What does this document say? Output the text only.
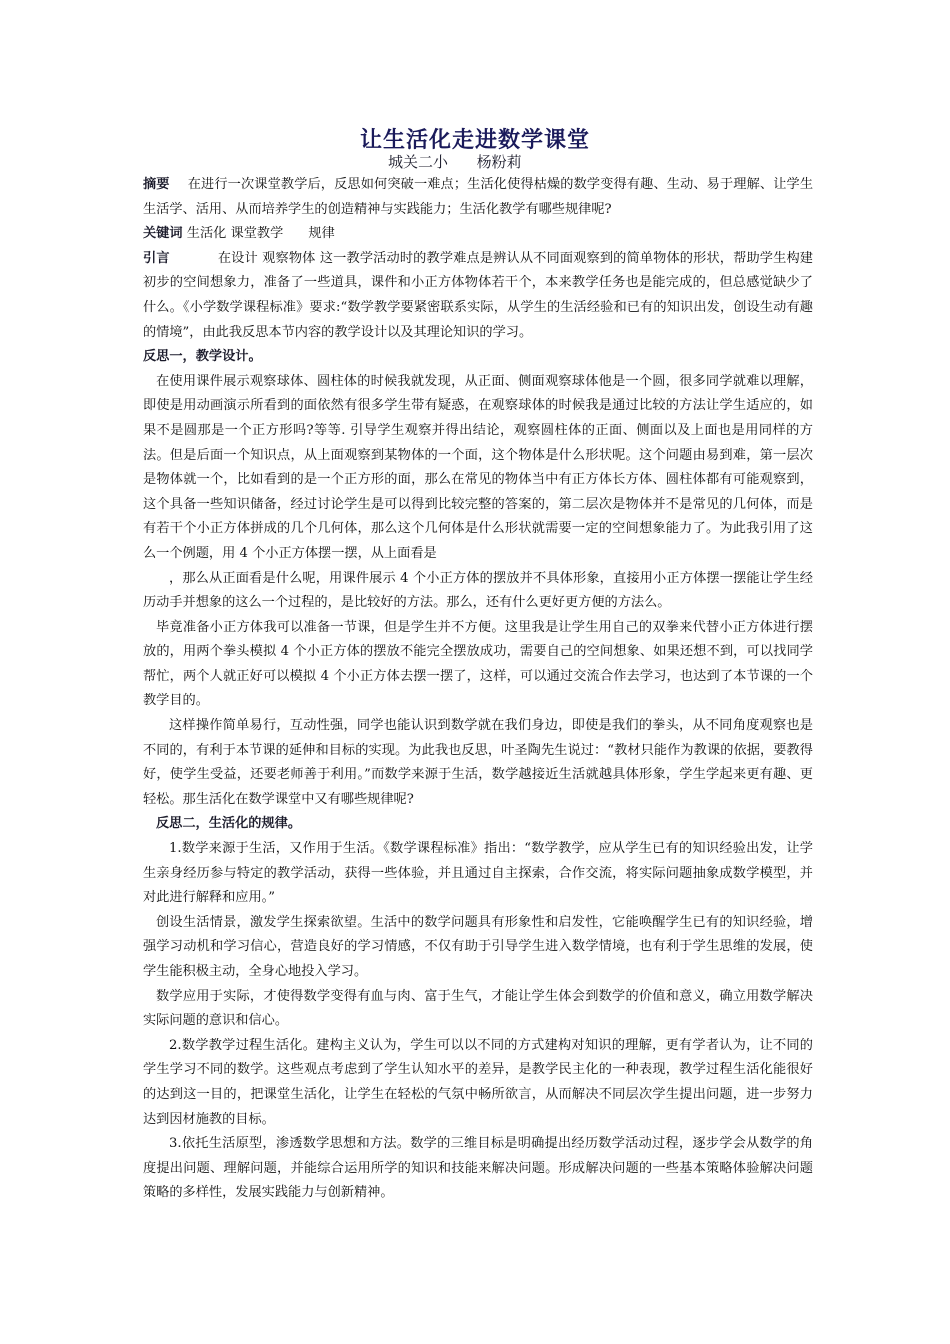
让生活化走进数学课堂
城关二小      杨粉莉

摘要 在进行一次课堂教学后，反思如何突破一难点；生活化使得枯燥的数学变得有趣、生动、易于理解、让学生生活学、活用、从而培养学生的创造精神与实践能力；生活化教学有哪些规律呢?

关键词 生活化 课堂教学      规律

引言	在设计 观察物体 这一教学活动时的教学难点是辨认从不同面观察到的简单物体的形状，帮助学生构建初步的空间想象力，准备了一些道具，课件和小正方体物体若干个，本来教学任务也是能完成的，但总感觉缺少了什么。《小学数学课程标准》要求:“数学教学要紧密联系实际，从学生的生活经验和已有的知识出发，创设生动有趣的情境”，由此我反思本节内容的教学设计以及其理论知识的学习。

反思一，教学设计。

在使用课件展示观察球体、圆柱体的时候我就发现，从正面、侧面观察球体他是一个圆，很多同学就难以理解，即使是用动画演示所看到的面依然有很多学生带有疑惑，在观察球体的时候我是通过比较的方法让学生适应的，如果不是圆那是一个正方形吗?等等. 引导学生观察并得出结论，观察圆柱体的正面、侧面以及上面也是用同样的方法。但是后面一个知识点，从上面观察到某物体的一个面，这个物体是什么形状呢。这个问题由易到难，第一层次是物体就一个，比如看到的是一个正方形的面，那么在常见的物体当中有正方体长方体、圆柱体都有可能观察到，这个具备一些知识储备，经过讨论学生是可以得到比较完整的答案的，第二层次是物体并不是常见的几何体，而是有若干个小正方体拼成的几个几何体，那么这个几何体是什么形状就需要一定的空间想象能力了。为此我引用了这么一个例题，用 4 个小正方体摆一摆，从上面看是

，那么从正面看是什么呢，用课件展示 4 个小正方体的摆放并不具体形象，直接用小正方体摆一摆能让学生经历动手并想象的这么一个过程的，是比较好的方法。那么，还有什么更好更方便的方法么。

毕竟准备小正方体我可以准备一节课，但是学生并不方便。这里我是让学生用自己的双拳来代替小正方体进行摆放的，用两个拳头模拟 4 个小正方体的摆放不能完全摆放成功，需要自己的空间想象、如果还想不到，可以找同学帮忙，两个人就正好可以模拟 4 个小正方体去摆一摆了，这样，可以通过交流合作去学习，也达到了本节课的一个教学目的。

这样操作简单易行，互动性强，同学也能认识到数学就在我们身边，即使是我们的拳头，从不同角度观察也是不同的，有利于本节课的延伸和目标的实现。为此我也反思，叶圣陶先生说过：“教材只能作为教课的依据，要教得好，使学生受益，还要老师善于利用。”而数学来源于生活，数学越接近生活就越具体形象，学生学起来更有趣、更轻松。那生活化在数学课堂中又有哪些规律呢?

反思二，生活化的规律。

1.数学来源于生活，又作用于生活。《数学课程标准》指出：“数学教学，应从学生已有的知识经验出发，让学生亲身经历参与特定的教学活动，获得一些体验，并且通过自主探索，合作交流，将实际问题抽象成数学模型，并对此进行解释和应用。”

创设生活情景，激发学生探索欲望。生活中的数学问题具有形象性和启发性，它能唤醒学生已有的知识经验，增强学习动机和学习信心，营造良好的学习情感，不仅有助于引导学生进入数学情境，也有利于学生思维的发展，使学生能积极主动，全身心地投入学习。

数学应用于实际，才使得数学变得有血与肉、富于生气，才能让学生体会到数学的价值和意义，确立用数学解决实际问题的意识和信心。

2.数学教学过程生活化。建构主义认为，学生可以以不同的方式建构对知识的理解，更有学者认为，让不同的学生学习不同的数学。这些观点考虑到了学生认知水平的差异，是教学民主化的一种表现，教学过程生活化能很好的达到这一目的，把课堂生活化，让学生在轻松的气氛中畅所欲言，从而解决不同层次学生提出问题，进一步努力达到因材施教的目标。

3.依托生活原型，渗透数学思想和方法。数学的三维目标是明确提出经历数学活动过程，逐步学会从数学的角度提出问题、理解问题，并能综合运用所学的知识和技能来解决问题。形成解决问题的一些基本策略体验解决问题策略的多样性，发展实践能力与创新精神。
